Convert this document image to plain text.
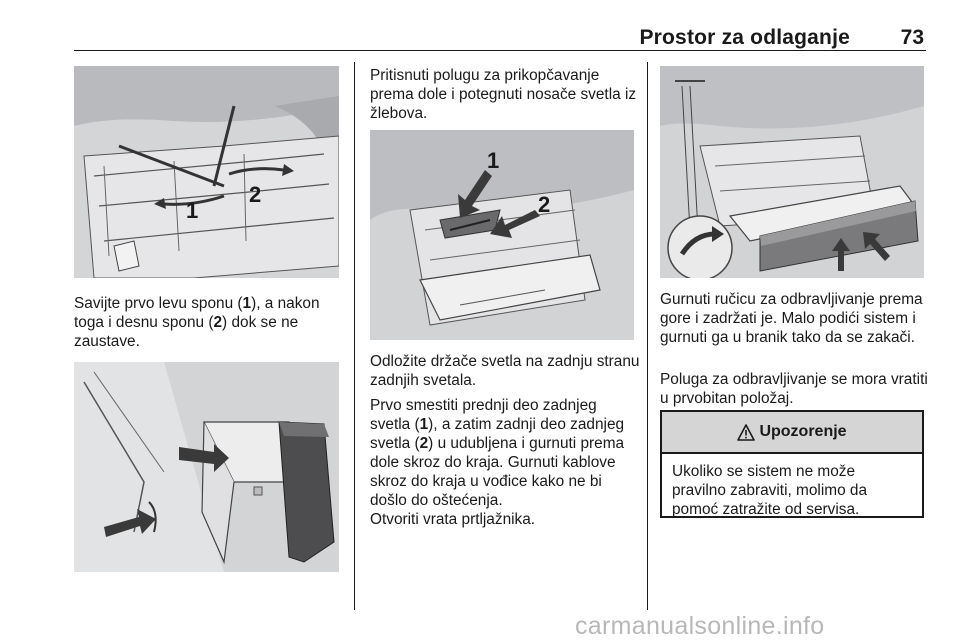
Prostor za odlaganje 73
1
2

Savijte prvo levu sponu (1), a nakon toga i desnu sponu (2) dok se ne zaustave.

Pritisnuti polugu za prikopčavanje prema dole i potegnuti nosače svetla iz žlebova.

1
2

Odložite držače svetla na zadnju stranu zadnjih svetala.

Prvo smestiti prednji deo zadnjeg svetla (1), a zatim zadnji deo zadnjeg svetla (2) u udubljena i gurnuti prema dole skroz do kraja. Gurnuti kablove skroz do kraja u vođice kako ne bi došlo do oštećenja.

Otvoriti vrata prtljažnika.

Gurnuti ručicu za odbravljivanje prema gore i zadržati je. Malo podići sistem i gurnuti ga u branik tako da se zakači.

Poluga za odbravljivanje se mora vratiti u prvobitan položaj.

Upozorenje
Ukoliko se sistem ne može pravilno zabraviti, molimo da pomoć zatražite od servisa.
carmanualsonline.info
